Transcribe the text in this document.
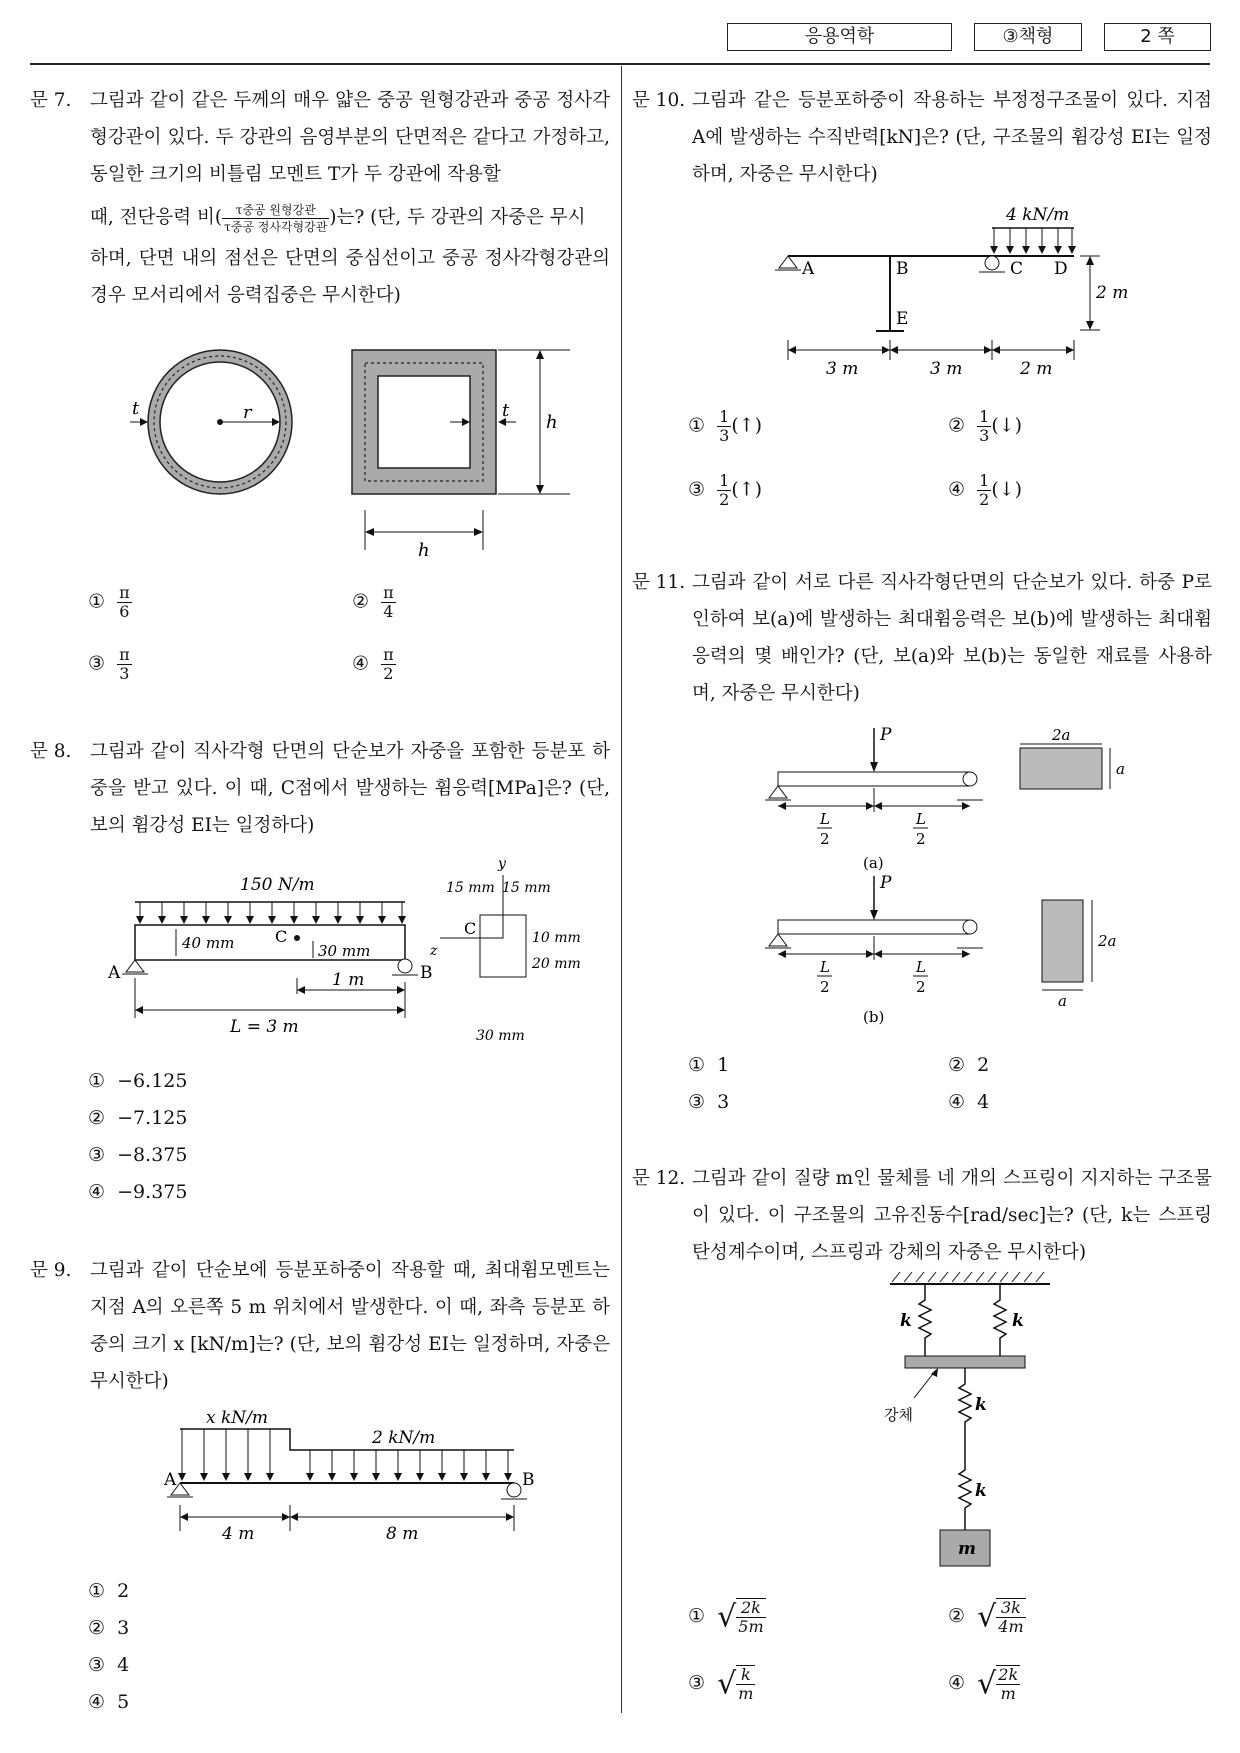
응용역학	③책형	2 쪽
문 7. 그림과 같이 같은 두께의 매우 얇은 중공 원형강관과 중공 정사각형강관이 있다. 두 강관의 음영부분의 단면적은 같다고 가정하고, 동일한 크기의 비틀림 모멘트 T가 두 강관에 작용할
때, 전단응력 비( $\frac{\text{τ중공 원형강관}}{\text{τ중공 정사각형강관}}$ )는? (단, 두 강관의 자중은 무시
하며, 단면 내의 점선은 단면의 중심선이고 중공 정사각형강관의 경우 모서리에서 응력집중은 무시한다)
r
t	t
h
h
① $\frac{\pi}{6}$	② $\frac{\pi}{4}$
③ $\frac{\pi}{3}$	④ $\frac{\pi}{2}$
문 8. 그림과 같이 직사각형 단면의 단순보가 자중을 포함한 등분포 하중을 받고 있다. 이 때, C점에서 발생하는 휨응력[MPa]은? (단, 보의 휨강성 EI는 일정하다)
150 N/m
40 mm	C
30 mm
A	B
1 m
L = 3 m
y
15 mm 15 mm
z
C	10 mm
20 mm
30 mm
① −6.125
② −7.125
③ −8.375
④ −9.375
문 9. 그림과 같이 단순보에 등분포하중이 작용할 때, 최대휨모멘트는 지점 A의 오른쪽 5 m 위치에서 발생한다. 이 때, 좌측 등분포 하중의 크기 x [kN/m]는? (단, 보의 휨강성 EI는 일정하며, 자중은 무시한다)
x kN/m
2 kN/m
A	B
4 m	8 m
① 2
② 3
③ 4
④ 5
문 10. 그림과 같은 등분포하중이 작용하는 부정정구조물이 있다. 지점 A에 발생하는 수직반력[kN]은? (단, 구조물의 휨강성 EI는 일정하며, 자중은 무시한다)
4 kN/m
A	B	C D
E
2 m
3 m	3 m	2 m
① $\frac{1}{3}$ (↑)	② $\frac{1}{3}$ (↓)
③ $\frac{1}{2}$ (↑)	④ $\frac{1}{2}$ (↓)
문 11. 그림과 같이 서로 다른 직사각형단면의 단순보가 있다. 하중 P로 인하여 보(a)에 발생하는 최대휨응력은 보(b)에 발생하는 최대휨응력의 몇 배인가? (단, 보(a)와 보(b)는 동일한 재료를 사용하며, 자중은 무시한다)
P
L
2
L
2
(a)
2a
a
P
L
2
L
2
(b)
2a
a
① 1	② 2
③ 3	④ 4
문 12. 그림과 같이 질량 m인 물체를 네 개의 스프링이 지지하는 구조물이 있다. 이 구조물의 고유진동수[rad/sec]는? (단, k는 스프링탄성계수이며, 스프링과 강체의 자중은 무시한다)
k	k
강체	k
k
m
① √ $\frac{2k}{5m}$	② √ $\frac{3k}{4m}$
③ √ $\frac{k}{m}$	④ √ $\frac{2k}{m}$
